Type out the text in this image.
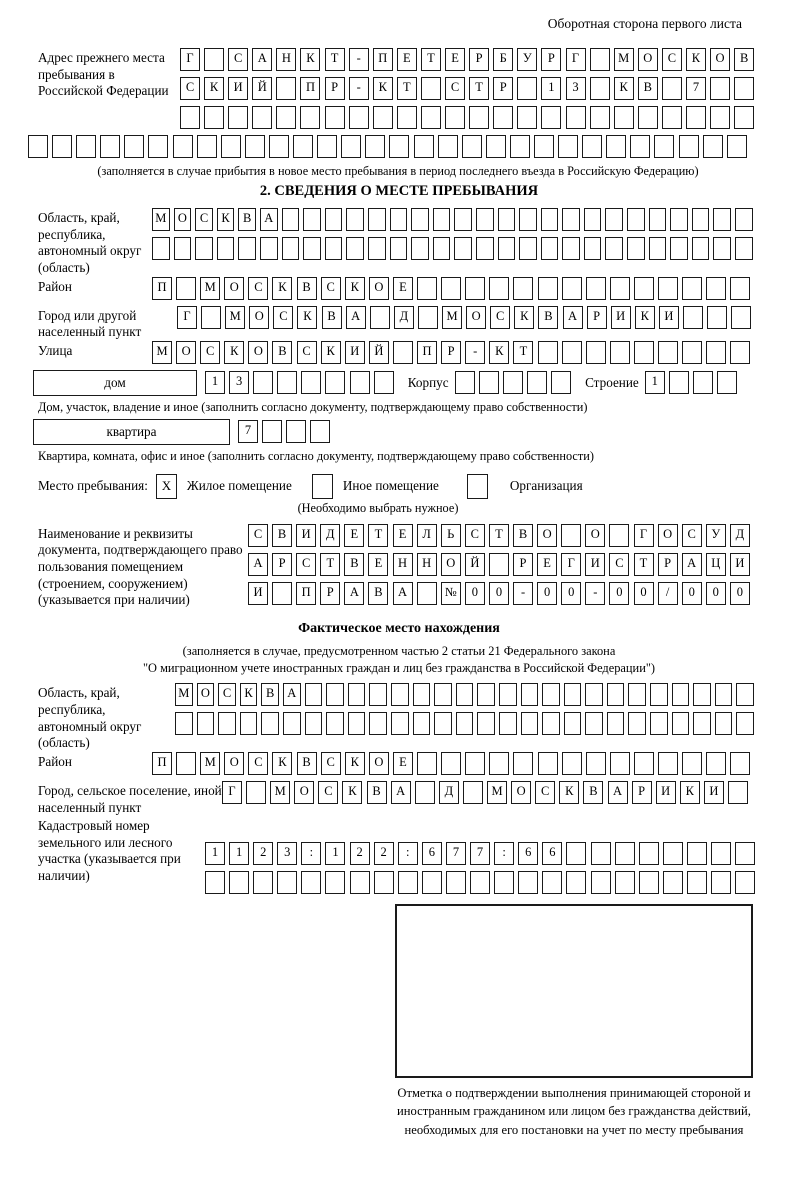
Оборотная сторона первого листа
Адрес прежнего места пребывания в Российской Федерации
Г	С	А	Н	К	Т	-	П	Е	Т	Е	Р	Б	У	Р	Г	М	О	С	К	О	В
С	К	И	Й	П	Р	-	К	Т	С	Т	Р	1	3	К	В	7
(заполняется в случае прибытия в новое место пребывания в период последнего въезда в Российскую Федерацию)
2. СВЕДЕНИЯ О МЕСТЕ ПРЕБЫВАНИЯ
Область, край, республика, автономный округ (область)
М О	С	К	В	А
Район	П	М	О	С	К	В	С	К	О	Е
Город или другой населенный пункт
Г	М	О	С	К	В	А	Д	М	О	С	К	В	А	Р	И	К	И
Улица	М	О	С	К	О	В	С	К	И	Й	П	Р	-	К	Т
дом	1	3	Корпус	Строение	1
Дом, участок, владение и иное (заполнить согласно документу, подтверждающему право собственности)
квартира	7
Квартира, комната, офис и иное (заполнить согласно документу, подтверждающему право собственности)
Место пребывания:	X	Жилое помещение	Иное помещение	Организация
(Необходимо выбрать нужное)
Наименование и реквизиты документа, подтверждающего право пользования помещением (строением, сооружением) (указывается при наличии)
С	В	И	Д	Е	Т	Е	Л	Ь	С	Т	В	О	О	Г	О	С	У	Д
А	Р	С	Т	В	Е	Н	Н	О	Й	Р	Е	Г	И	С	Т	Р	А	Ц	И
И	П	Р	А	В	А	№	0	0	-	0	0	-	0	0	/	0	0	0
Фактическое место нахождения
(заполняется в случае, предусмотренном частью 2 статьи 21 Федерального закона
"О миграционном учете иностранных граждан и лиц без гражданства в Российской Федерации")
Область, край, республика, автономный округ (область)
М О	С	К	В	А
Район	П	М	О	С	К	В	С	К	О	Е
Город, сельское поселение, иной населенный пункт
Г	М	О	С	К	В	А	Д	М	О	С	К	В	А	Р	И	К	И
Кадастровый номер земельного или лесного участка (указывается при наличии)
1	1	2	3	:	1	2	2	:	6	7	7	:	6	6
Отметка о подтверждении выполнения принимающей стороной и иностранным гражданином или лицом без гражданства действий, необходимых для его постановки на учет по месту пребывания
